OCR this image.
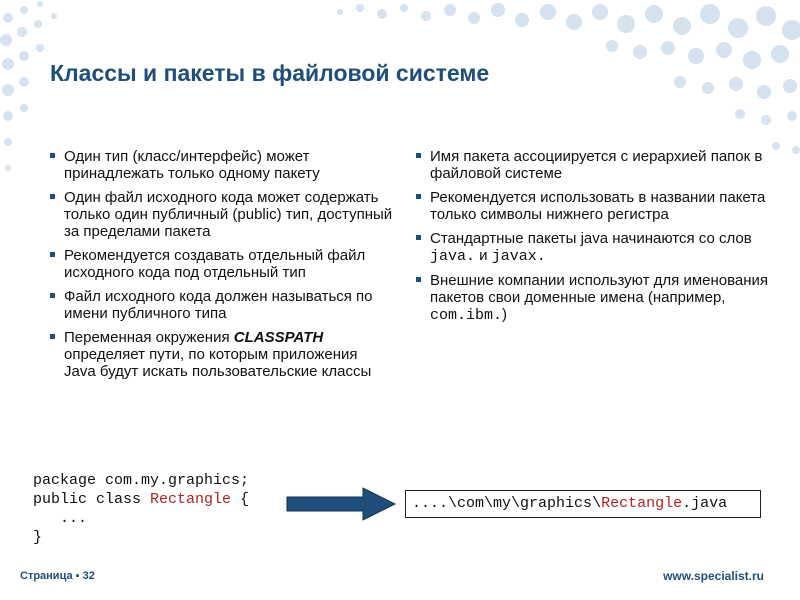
Классы и пакеты в файловой системе
Один тип (класс/интерфейс) может принадлежать только одному пакету
Один файл исходного кода может содержать только один публичный (public) тип, доступный за пределами пакета
Рекомендуется создавать отдельный файл исходного кода под отдельный тип
Файл исходного кода должен называться по имени публичного типа
Переменная окружения CLASSPATH определяет пути, по которым приложения Java будут искать пользовательские классы
Имя пакета ассоциируется с иерархией папок в файловой системе
Рекомендуется использовать в названии пакета только символы нижнего регистра
Стандартные пакеты java начинаются со слов java. и javax.
Внешние компании используют для именования пакетов свои доменные имена (например, com.ibm.)
package com.my.graphics;
public class Rectangle {
...
}
....\com\my\graphics\Rectangle.java
Страница ▪ 32	www.specialist.ru
